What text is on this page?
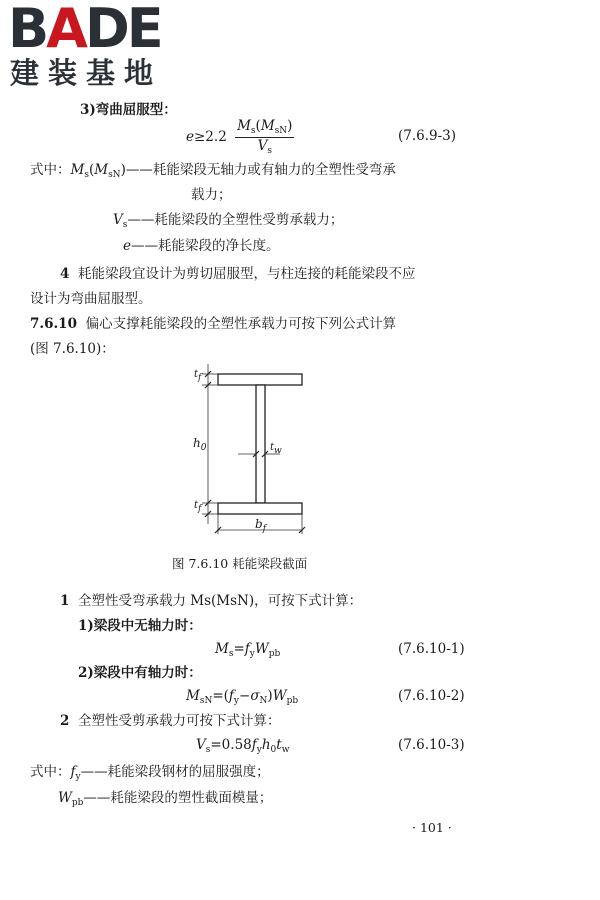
BADE
建装基地
3)弯曲屈服型：
$e\ge 2.2 \frac{M_s(M_{sN})}{V_s}$	(7.6.9-3)
式中：$M_s(M_{sN})——$耗能梁段无轴力或有轴力的全塑性受弯承
载力；
$V_s——$耗能梁段的全塑性受剪承载力；
e——耗能梁段的净长度。
4 耗能梁段宜设计为剪切屈服型，与柱连接的耗能梁段不应
设计为弯曲屈服型。
7.6.10 偏心支撑耗能梁段的全塑性承载力可按下列公式计算
(图 7.6.10)：
$t_f$
$h_0$	$t_w$
$t_f$
$b_f$
图 7.6.10 耗能梁段截面
1 全塑性受弯承载力 Ms(MsN)，可按下式计算：
1)梁段中无轴力时：
$M_s=f_yW_{pb}$	(7.6.10-1)
2)梁段中有轴力时：
$M_{sN}=(f_y-\sigma_N)W_{pb}$	(7.6.10-2)
2 全塑性受剪承载力可按下式计算：
$V_s=0.58f_yh_0t_w$	(7.6.10-3)
式中：$f_y——$耗能梁段钢材的屈服强度；
$W_{pb}——$耗能梁段的塑性截面模量；
· 101 ·
